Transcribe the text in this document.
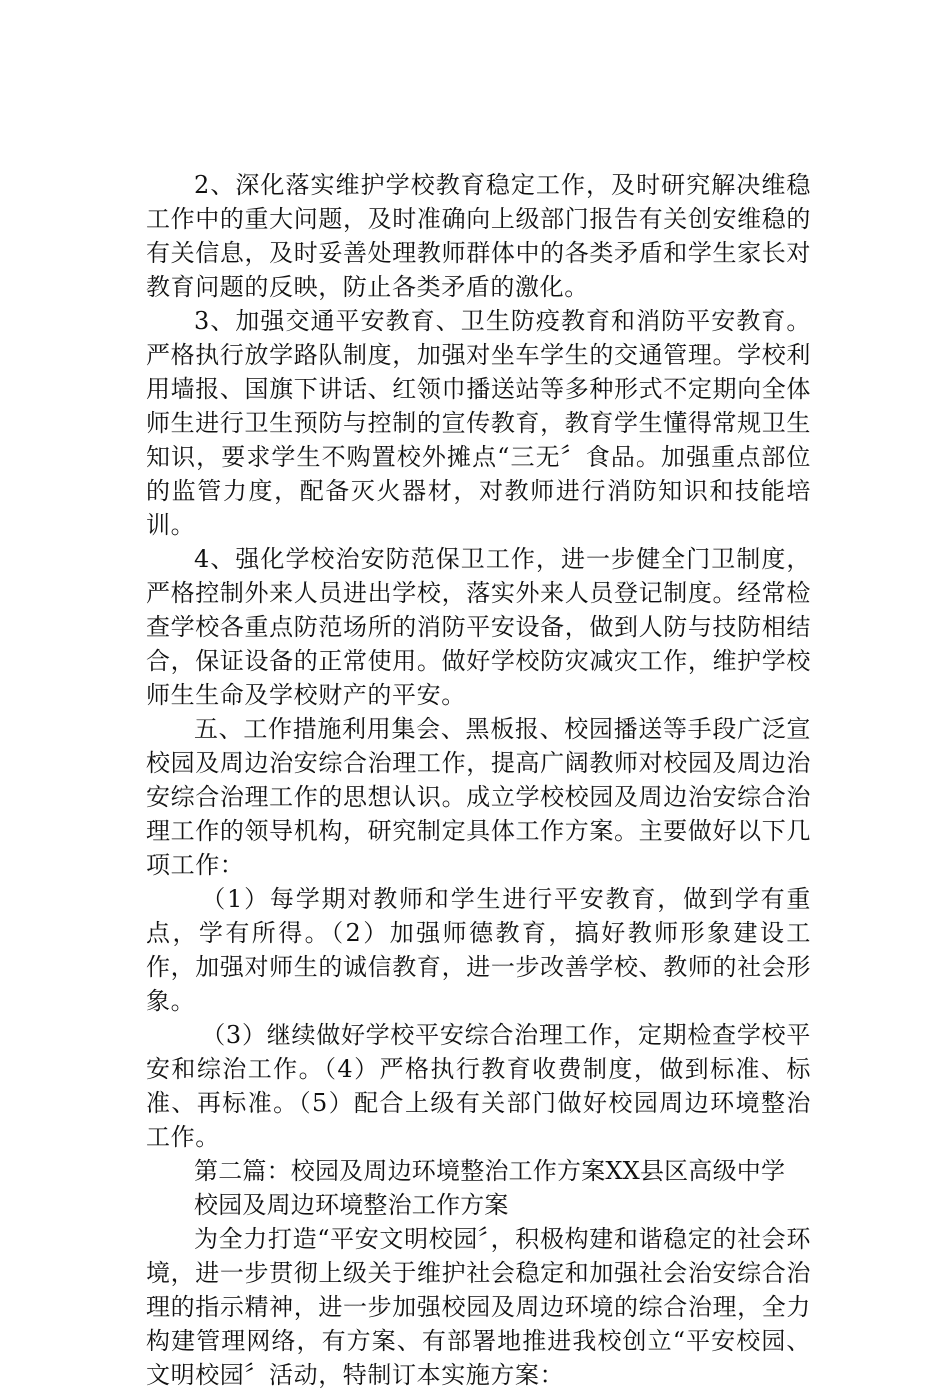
2、深化落实维护学校教育稳定工作，及时研究解决维稳工作中的重大问题，及时准确向上级部门报告有关创安维稳的有关信息，及时妥善处理教师群体中的各类矛盾和学生家长对教育问题的反映，防止各类矛盾的激化。

3、加强交通平安教育、卫生防疫教育和消防平安教育。严格执行放学路队制度，加强对坐车学生的交通管理。学校利用墙报、国旗下讲话、红领巾播送站等多种形式不定期向全体师生进行卫生预防与控制的宣传教育，教育学生懂得常规卫生知识，要求学生不购置校外摊点“三无〞食品。加强重点部位的监管力度，配备灭火器材，对教师进行消防知识和技能培训。

4、强化学校治安防范保卫工作，进一步健全门卫制度，严格控制外来人员进出学校，落实外来人员登记制度。经常检查学校各重点防范场所的消防平安设备，做到人防与技防相结合，保证设备的正常使用。做好学校防灾减灾工作，维护学校师生生命及学校财产的平安。

五、工作措施利用集会、黑板报、校园播送等手段广泛宣校园及周边治安综合治理工作，提高广阔教师对校园及周边治安综合治理工作的思想认识。成立学校校园及周边治安综合治理工作的领导机构，研究制定具体工作方案。主要做好以下几项工作：

（1）每学期对教师和学生进行平安教育，做到学有重点，学有所得。（2）加强师德教育，搞好教师形象建设工作，加强对师生的诚信教育，进一步改善学校、教师的社会形象。

（3）继续做好学校平安综合治理工作，定期检查学校平安和综治工作。（4）严格执行教育收费制度，做到标准、标准、再标准。（5）配合上级有关部门做好校园周边环境整治工作。

第二篇：校园及周边环境整治工作方案XX县区高级中学
校园及周边环境整治工作方案

为全力打造“平安文明校园〞，积极构建和谐稳定的社会环境，进一步贯彻上级关于维护社会稳定和加强社会治安综合治理的指示精神，进一步加强校园及周边环境的综合治理，全力构建管理网络，有方案、有部署地推进我校创立“平安校园、文明校园〞活动，特制订本实施方案：
